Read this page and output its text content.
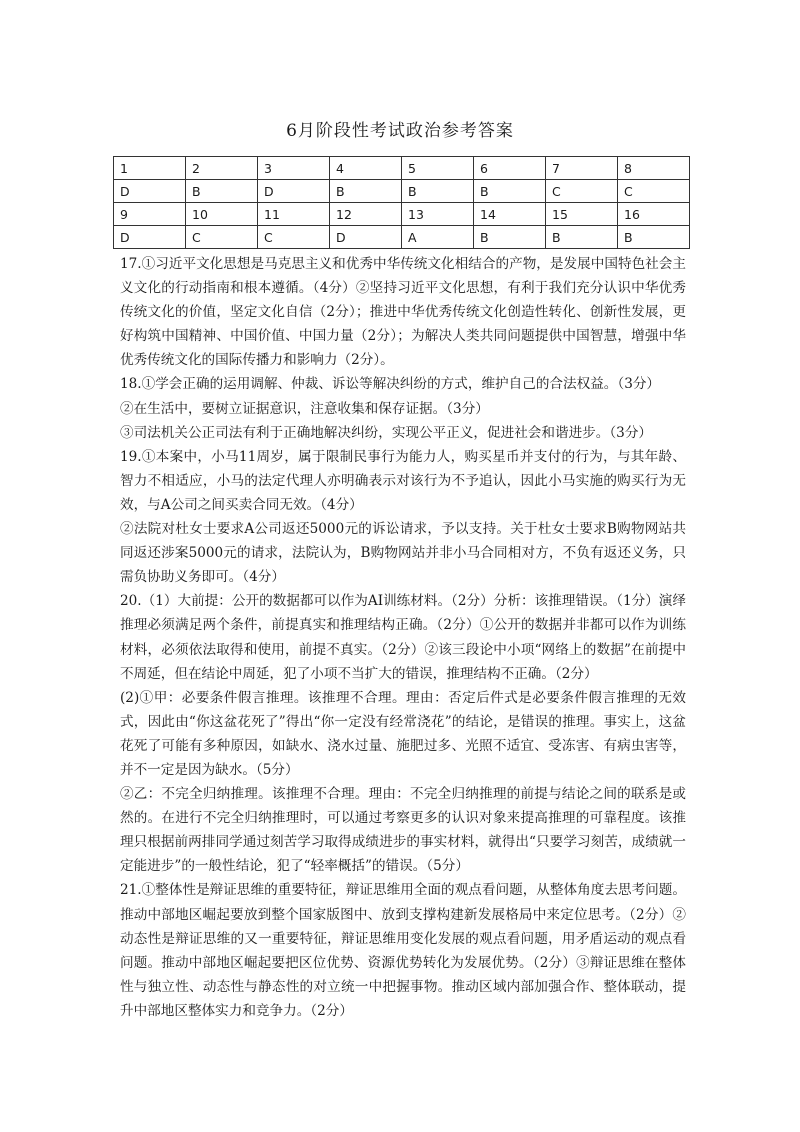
6月阶段性考试政治参考答案
1	2	3	4	5	6	7	8
D	B	D	B	B	B	C	C
9	10	11	12	13	14	15	16
D	C	C	D	A	B	B	B

17.①习近平文化思想是马克思主义和优秀中华传统文化相结合的产物，是发展中国特色社会主义文化的行动指南和根本遵循。（4分）②坚持习近平文化思想，有利于我们充分认识中华优秀传统文化的价值，坚定文化自信（2分）；推进中华优秀传统文化创造性转化、创新性发展，更好构筑中国精神、中国价值、中国力量（2分）；为解决人类共同问题提供中国智慧，增强中华优秀传统文化的国际传播力和影响力（2分）。

18.①学会正确的运用调解、仲裁、诉讼等解决纠纷的方式，维护自己的合法权益。（3分）

②在生活中，要树立证据意识，注意收集和保存证据。（3分）

③司法机关公正司法有利于正确地解决纠纷，实现公平正义，促进社会和谐进步。（3分）

19.①本案中，小马11周岁，属于限制民事行为能力人，购买星币并支付的行为，与其年龄、智力不相适应，小马的法定代理人亦明确表示对该行为不予追认，因此小马实施的购买行为无效，与A公司之间买卖合同无效。（4分）

②法院对杜女士要求A公司返还5000元的诉讼请求，予以支持。关于杜女士要求B购物网站共同返还涉案5000元的请求，法院认为，B购物网站并非小马合同相对方，不负有返还义务，只需负协助义务即可。（4分）

20.（1）大前提：公开的数据都可以作为AI训练材料。（2分）分析：该推理错误。（1分）演绎推理必须满足两个条件，前提真实和推理结构正确。（2分）①公开的数据并非都可以作为训练材料，必须依法取得和使用，前提不真实。（2分）②该三段论中小项“网络上的数据”在前提中不周延，但在结论中周延，犯了小项不当扩大的错误，推理结构不正确。（2分）

(2)①甲：必要条件假言推理。该推理不合理。理由：否定后件式是必要条件假言推理的无效式，因此由“你这盆花死了”得出“你一定没有经常浇花”的结论，是错误的推理。事实上，这盆花死了可能有多种原因，如缺水、浇水过量、施肥过多、光照不适宜、受冻害、有病虫害等，并不一定是因为缺水。（5分）

②乙：不完全归纳推理。该推理不合理。理由：不完全归纳推理的前提与结论之间的联系是或然的。在进行不完全归纳推理时，可以通过考察更多的认识对象来提高推理的可靠程度。该推理只根据前两排同学通过刻苦学习取得成绩进步的事实材料，就得出“只要学习刻苦，成绩就一定能进步”的一般性结论，犯了“轻率概括”的错误。（5分）

21.①整体性是辩证思维的重要特征，辩证思维用全面的观点看问题，从整体角度去思考问题。推动中部地区崛起要放到整个国家版图中、放到支撑构建新发展格局中来定位思考。（2分）②动态性是辩证思维的又一重要特征，辩证思维用变化发展的观点看问题，用矛盾运动的观点看问题。推动中部地区崛起要把区位优势、资源优势转化为发展优势。（2分）③辩证思维在整体性与独立性、动态性与静态性的对立统一中把握事物。推动区域内部加强合作、整体联动，提升中部地区整体实力和竞争力。（2分）
